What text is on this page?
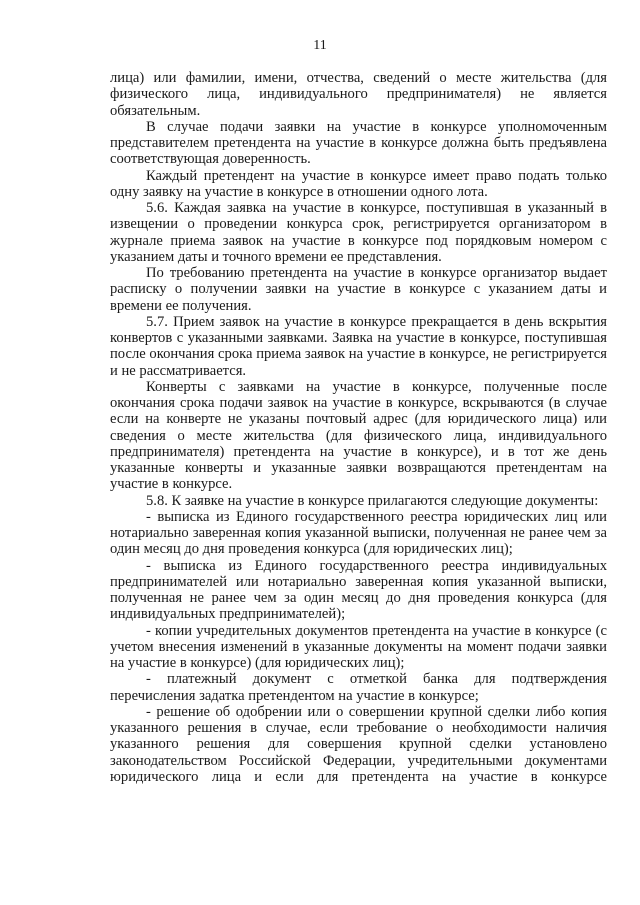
11

лица) или фамилии, имени, отчества, сведений о месте жительства (для физического лица, индивидуального предпринимателя) не является обязательным.

В случае подачи заявки на участие в конкурсе уполномоченным представителем претендента на участие в конкурсе должна быть предъявлена соответствующая доверенность.

Каждый претендент на участие в конкурсе имеет право подать только одну заявку на участие в конкурсе в отношении одного лота.

5.6. Каждая заявка на участие в конкурсе, поступившая в указанный в извещении о проведении конкурса срок, регистрируется организатором в журнале приема заявок на участие в конкурсе под порядковым номером с указанием даты и точного времени ее представления.

По требованию претендента на участие в конкурсе организатор выдает расписку о получении заявки на участие в конкурсе с указанием даты и времени ее получения.

5.7. Прием заявок на участие в конкурсе прекращается в день вскрытия конвертов с указанными заявками. Заявка на участие в конкурсе, поступившая после окончания срока приема заявок на участие в конкурсе, не регистрируется и не рассматривается.

Конверты с заявками на участие в конкурсе, полученные после окончания срока подачи заявок на участие в конкурсе, вскрываются (в случае если на конверте не указаны почтовый адрес (для юридического лица) или сведения о месте жительства (для физического лица, индивидуального предпринимателя) претендента на участие в конкурсе), и в тот же день указанные конверты и указанные заявки возвращаются претендентам на участие в конкурсе.

5.8. К заявке на участие в конкурсе прилагаются следующие документы:

- выписка из Единого государственного реестра юридических лиц или нотариально заверенная копия указанной выписки, полученная не ранее чем за один месяц до дня проведения конкурса (для юридических лиц);

- выписка из Единого государственного реестра индивидуальных предпринимателей или нотариально заверенная копия указанной выписки, полученная не ранее чем за один месяц до дня проведения конкурса (для индивидуальных предпринимателей);

- копии учредительных документов претендента на участие в конкурсе (с учетом внесения изменений в указанные документы на момент подачи заявки на участие в конкурсе) (для юридических лиц);

- платежный документ с отметкой банка для подтверждения перечисления задатка претендентом на участие в конкурсе;

- решение об одобрении или о совершении крупной сделки либо копия указанного решения в случае, если требование о необходимости наличия указанного решения для совершения крупной сделки установлено законодательством Российской Федерации, учредительными документами юридического лица и если для претендента на участие в конкурсе
